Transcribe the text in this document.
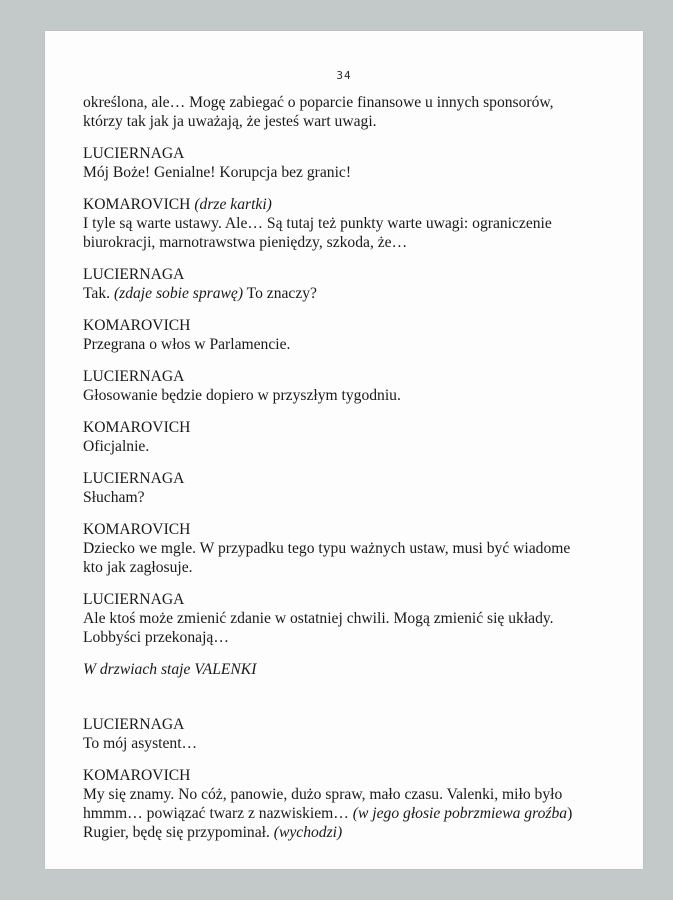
34
określona, ale… Mogę zabiegać o poparcie finansowe u innych sponsorów,
którzy tak jak ja uważają, że jesteś wart uwagi.
LUCIERNAGA
Mój Boże! Genialne! Korupcja bez granic!
KOMAROVICH (drze kartki)
I tyle są warte ustawy. Ale… Są tutaj też punkty warte uwagi: ograniczenie
biurokracji, marnotrawstwa pieniędzy, szkoda, że…
LUCIERNAGA
Tak. (zdaje sobie sprawę) To znaczy?
KOMAROVICH
Przegrana o włos w Parlamencie.
LUCIERNAGA
Głosowanie będzie dopiero w przyszłym tygodniu.
KOMAROVICH
Oficjalnie.
LUCIERNAGA
Słucham?
KOMAROVICH
Dziecko we mgle. W przypadku tego typu ważnych ustaw, musi być wiadome
kto jak zagłosuje.
LUCIERNAGA
Ale ktoś może zmienić zdanie w ostatniej chwili. Mogą zmienić się układy.
Lobbyści przekonają…
W drzwiach staje VALENKI
LUCIERNAGA
To mój asystent…
KOMAROVICH
My się znamy. No cóż, panowie, dużo spraw, mało czasu. Valenki, miło było
hmmm… powiązać twarz z nazwiskiem… (w jego głosie pobrzmiewa groźba)
Rugier, będę się przypominał. (wychodzi)
